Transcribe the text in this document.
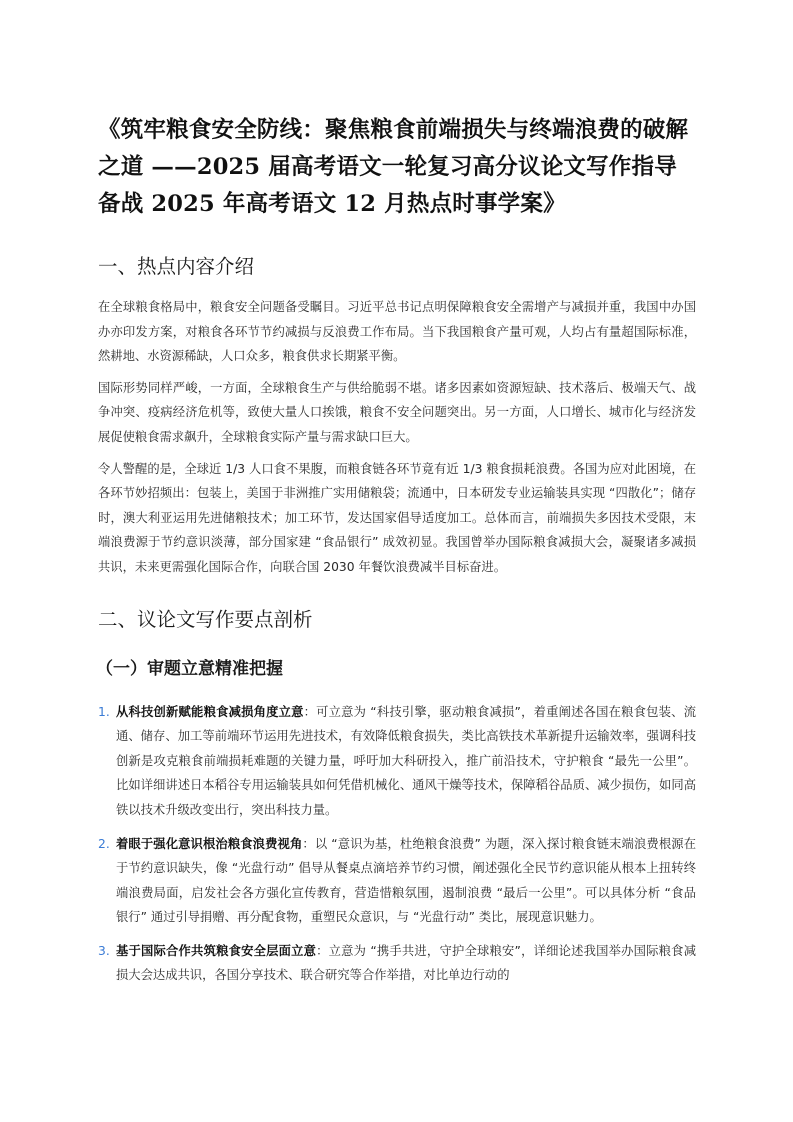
《筑牢粮食安全防线：聚焦粮食前端损失与终端浪费的破解之道 ——2025 届高考语文一轮复习高分议论文写作指导备战 2025 年高考语文 12 月热点时事学案》
一、热点内容介绍

在全球粮食格局中，粮食安全问题备受瞩目。习近平总书记点明保障粮食安全需增产与减损并重，我国中办国办亦印发方案，对粮食各环节节约减损与反浪费工作布局。当下我国粮食产量可观，人均占有量超国际标准，然耕地、水资源稀缺，人口众多，粮食供求长期紧平衡。

国际形势同样严峻，一方面，全球粮食生产与供给脆弱不堪。诸多因素如资源短缺、技术落后、极端天气、战争冲突、疫病经济危机等，致使大量人口挨饿，粮食不安全问题突出。另一方面，人口增长、城市化与经济发展促使粮食需求飙升，全球粮食实际产量与需求缺口巨大。

令人警醒的是，全球近 1/3 人口食不果腹，而粮食链各环节竟有近 1/3 粮食损耗浪费。各国为应对此困境，在各环节妙招频出：包装上，美国于非洲推广实用储粮袋；流通中，日本研发专业运输装具实现 “四散化”；储存时，澳大利亚运用先进储粮技术；加工环节，发达国家倡导适度加工。总体而言，前端损失多因技术受限，末端浪费源于节约意识淡薄，部分国家建 “食品银行” 成效初显。我国曾举办国际粮食减损大会，凝聚诸多减损共识，未来更需强化国际合作，向联合国 2030 年餐饮浪费减半目标奋进。

二、议论文写作要点剖析
（一）审题立意精准把握
1. 从科技创新赋能粮食减损角度立意：可立意为 “科技引擎，驱动粮食减损”，着重阐述各国在粮食包装、流通、储存、加工等前端环节运用先进技术，有效降低粮食损失，类比高铁技术革新提升运输效率，强调科技创新是攻克粮食前端损耗难题的关键力量，呼吁加大科研投入，推广前沿技术，守护粮食 “最先一公里”。比如详细讲述日本稻谷专用运输装具如何凭借机械化、通风干燥等技术，保障稻谷品质、减少损伤，如同高铁以技术升级改变出行，突出科技力量。
2. 着眼于强化意识根治粮食浪费视角：以 “意识为基，杜绝粮食浪费” 为题，深入探讨粮食链末端浪费根源在于节约意识缺失，像 “光盘行动” 倡导从餐桌点滴培养节约习惯，阐述强化全民节约意识能从根本上扭转终端浪费局面，启发社会各方强化宣传教育，营造惜粮氛围，遏制浪费 “最后一公里”。可以具体分析 “食品银行” 通过引导捐赠、再分配食物，重塑民众意识，与 “光盘行动” 类比，展现意识魅力。
3. 基于国际合作共筑粮食安全层面立意：立意为 “携手共进，守护全球粮安”，详细论述我国举办国际粮食减损大会达成共识，各国分享技术、联合研究等合作举措，对比单边行动的
